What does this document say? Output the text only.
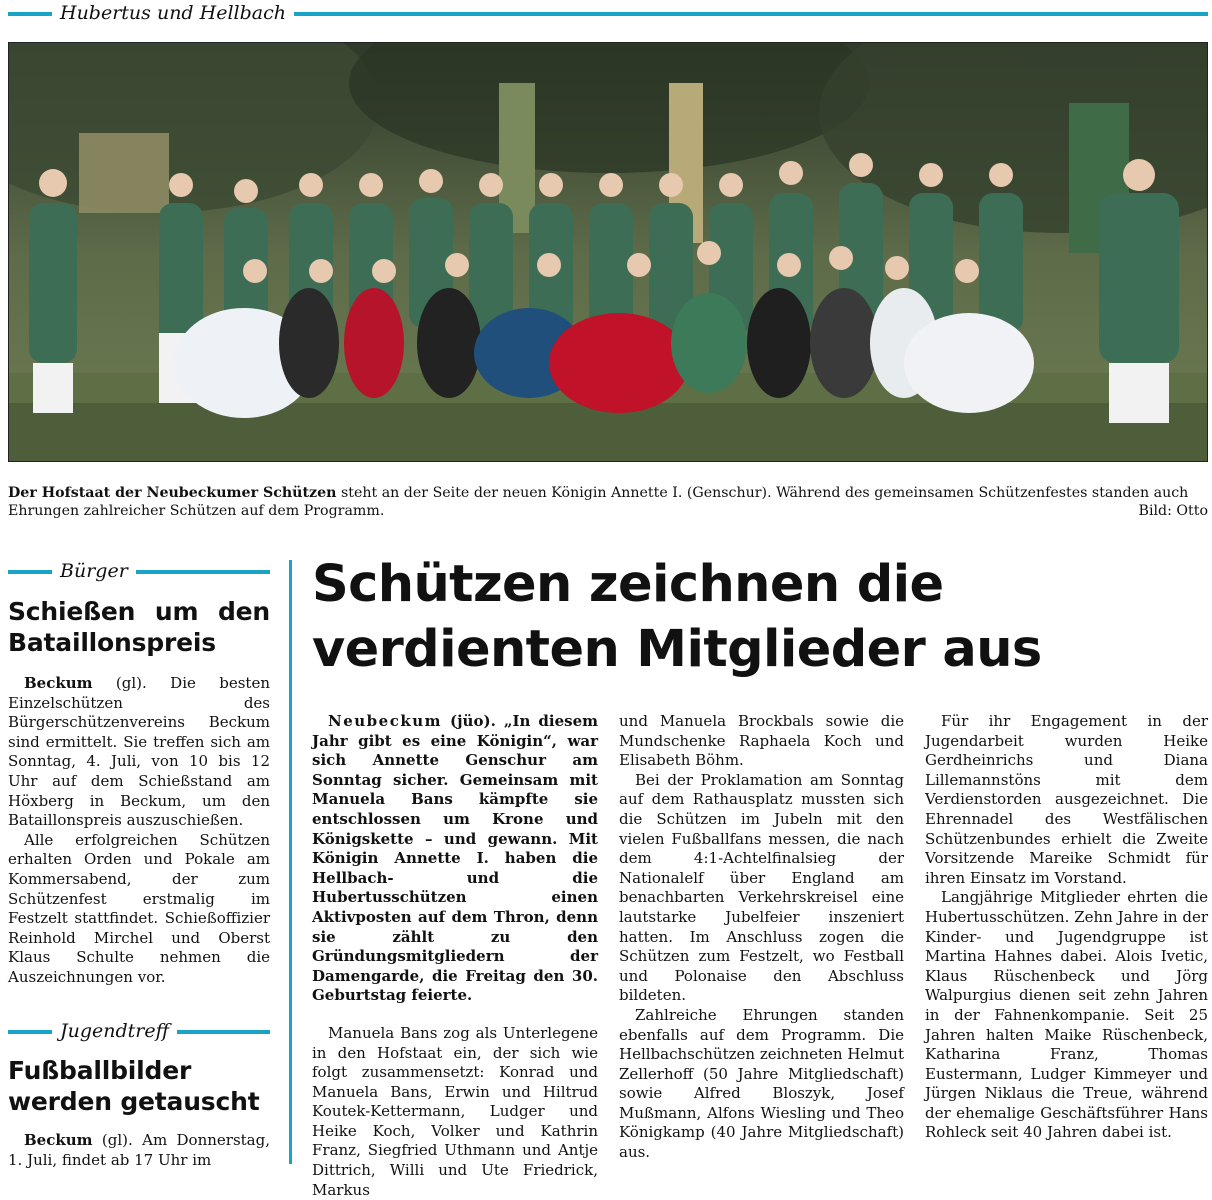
Hubertus und Hellbach
Der Hofstaat der Neubeckumer Schützen steht an der Seite der neuen Königin Annette I. (Genschur). Während des gemeinsamen Schützenfestes standen auch Ehrungen zahlreicher Schützen auf dem Programm.	Bild: Otto
Bürger
Schießen um den Bataillonspreis

Beckum (gl). Die besten Einzelschützen des Bürgerschützenvereins Beckum sind ermittelt. Sie treffen sich am Sonntag, 4. Juli, von 10 bis 12 Uhr auf dem Schießstand am Höxberg in Beckum, um den Bataillonspreis auszuschießen.

Alle erfolgreichen Schützen erhalten Orden und Pokale am Kommersabend, der zum Schützenfest erstmalig im Festzelt stattfindet. Schießoffizier Reinhold Mirchel und Oberst Klaus Schulte nehmen die Auszeichnungen vor.

Jugendtreff
Fußballbilder werden getauscht

Beckum (gl). Am Donnerstag, 1. Juli, findet ab 17 Uhr im

Schützen zeichnen die verdienten Mitglieder aus

Neubeckum (jüo). „In diesem Jahr gibt es eine Königin“, war sich Annette Genschur am Sonntag sicher. Gemeinsam mit Manuela Bans kämpfte sie entschlossen um Krone und Königskette – und gewann. Mit Königin Annette I. haben die Hellbach- und die Hubertusschützen einen Aktivposten auf dem Thron, denn sie zählt zu den Gründungsmitgliedern der Damengarde, die Freitag den 30. Geburtstag feierte.

Manuela Bans zog als Unterlegene in den Hofstaat ein, der sich wie folgt zusammensetzt: Konrad und Manuela Bans, Erwin und Hiltrud Koutek-Kettermann, Ludger und Heike Koch, Volker und Kathrin Franz, Siegfried Uthmann und Antje Dittrich, Willi und Ute Friedrick, Markus

und Manuela Brockbals sowie die Mundschenke Raphaela Koch und Elisabeth Böhm.

Bei der Proklamation am Sonntag auf dem Rathausplatz mussten sich die Schützen im Jubeln mit den vielen Fußballfans messen, die nach dem 4:1-Achtelfinalsieg der Nationalelf über England am benachbarten Verkehrskreisel eine lautstarke Jubelfeier inszeniert hatten. Im Anschluss zogen die Schützen zum Festzelt, wo Festball und Polonaise den Abschluss bildeten.

Zahlreiche Ehrungen standen ebenfalls auf dem Programm. Die Hellbachschützen zeichneten Helmut Zellerhoff (50 Jahre Mitgliedschaft) sowie Alfred Bloszyk, Josef Mußmann, Alfons Wiesling und Theo Königkamp (40 Jahre Mitgliedschaft) aus.

Für ihr Engagement in der Jugendarbeit wurden Heike Gerdheinrichs und Diana Lillemannstöns mit dem Verdienstorden ausgezeichnet. Die Ehrennadel des Westfälischen Schützenbundes erhielt die Zweite Vorsitzende Mareike Schmidt für ihren Einsatz im Vorstand.

Langjährige Mitglieder ehrten die Hubertusschützen. Zehn Jahre in der Kinder- und Jugendgruppe ist Martina Hahnes dabei. Alois Ivetic, Klaus Rüschenbeck und Jörg Walpurgius dienen seit zehn Jahren in der Fahnenkompanie. Seit 25 Jahren halten Maike Rüschenbeck, Katharina Franz, Thomas Eustermann, Ludger Kimmeyer und Jürgen Niklaus die Treue, während der ehemalige Geschäftsführer Hans Rohleck seit 40 Jahren dabei ist.
